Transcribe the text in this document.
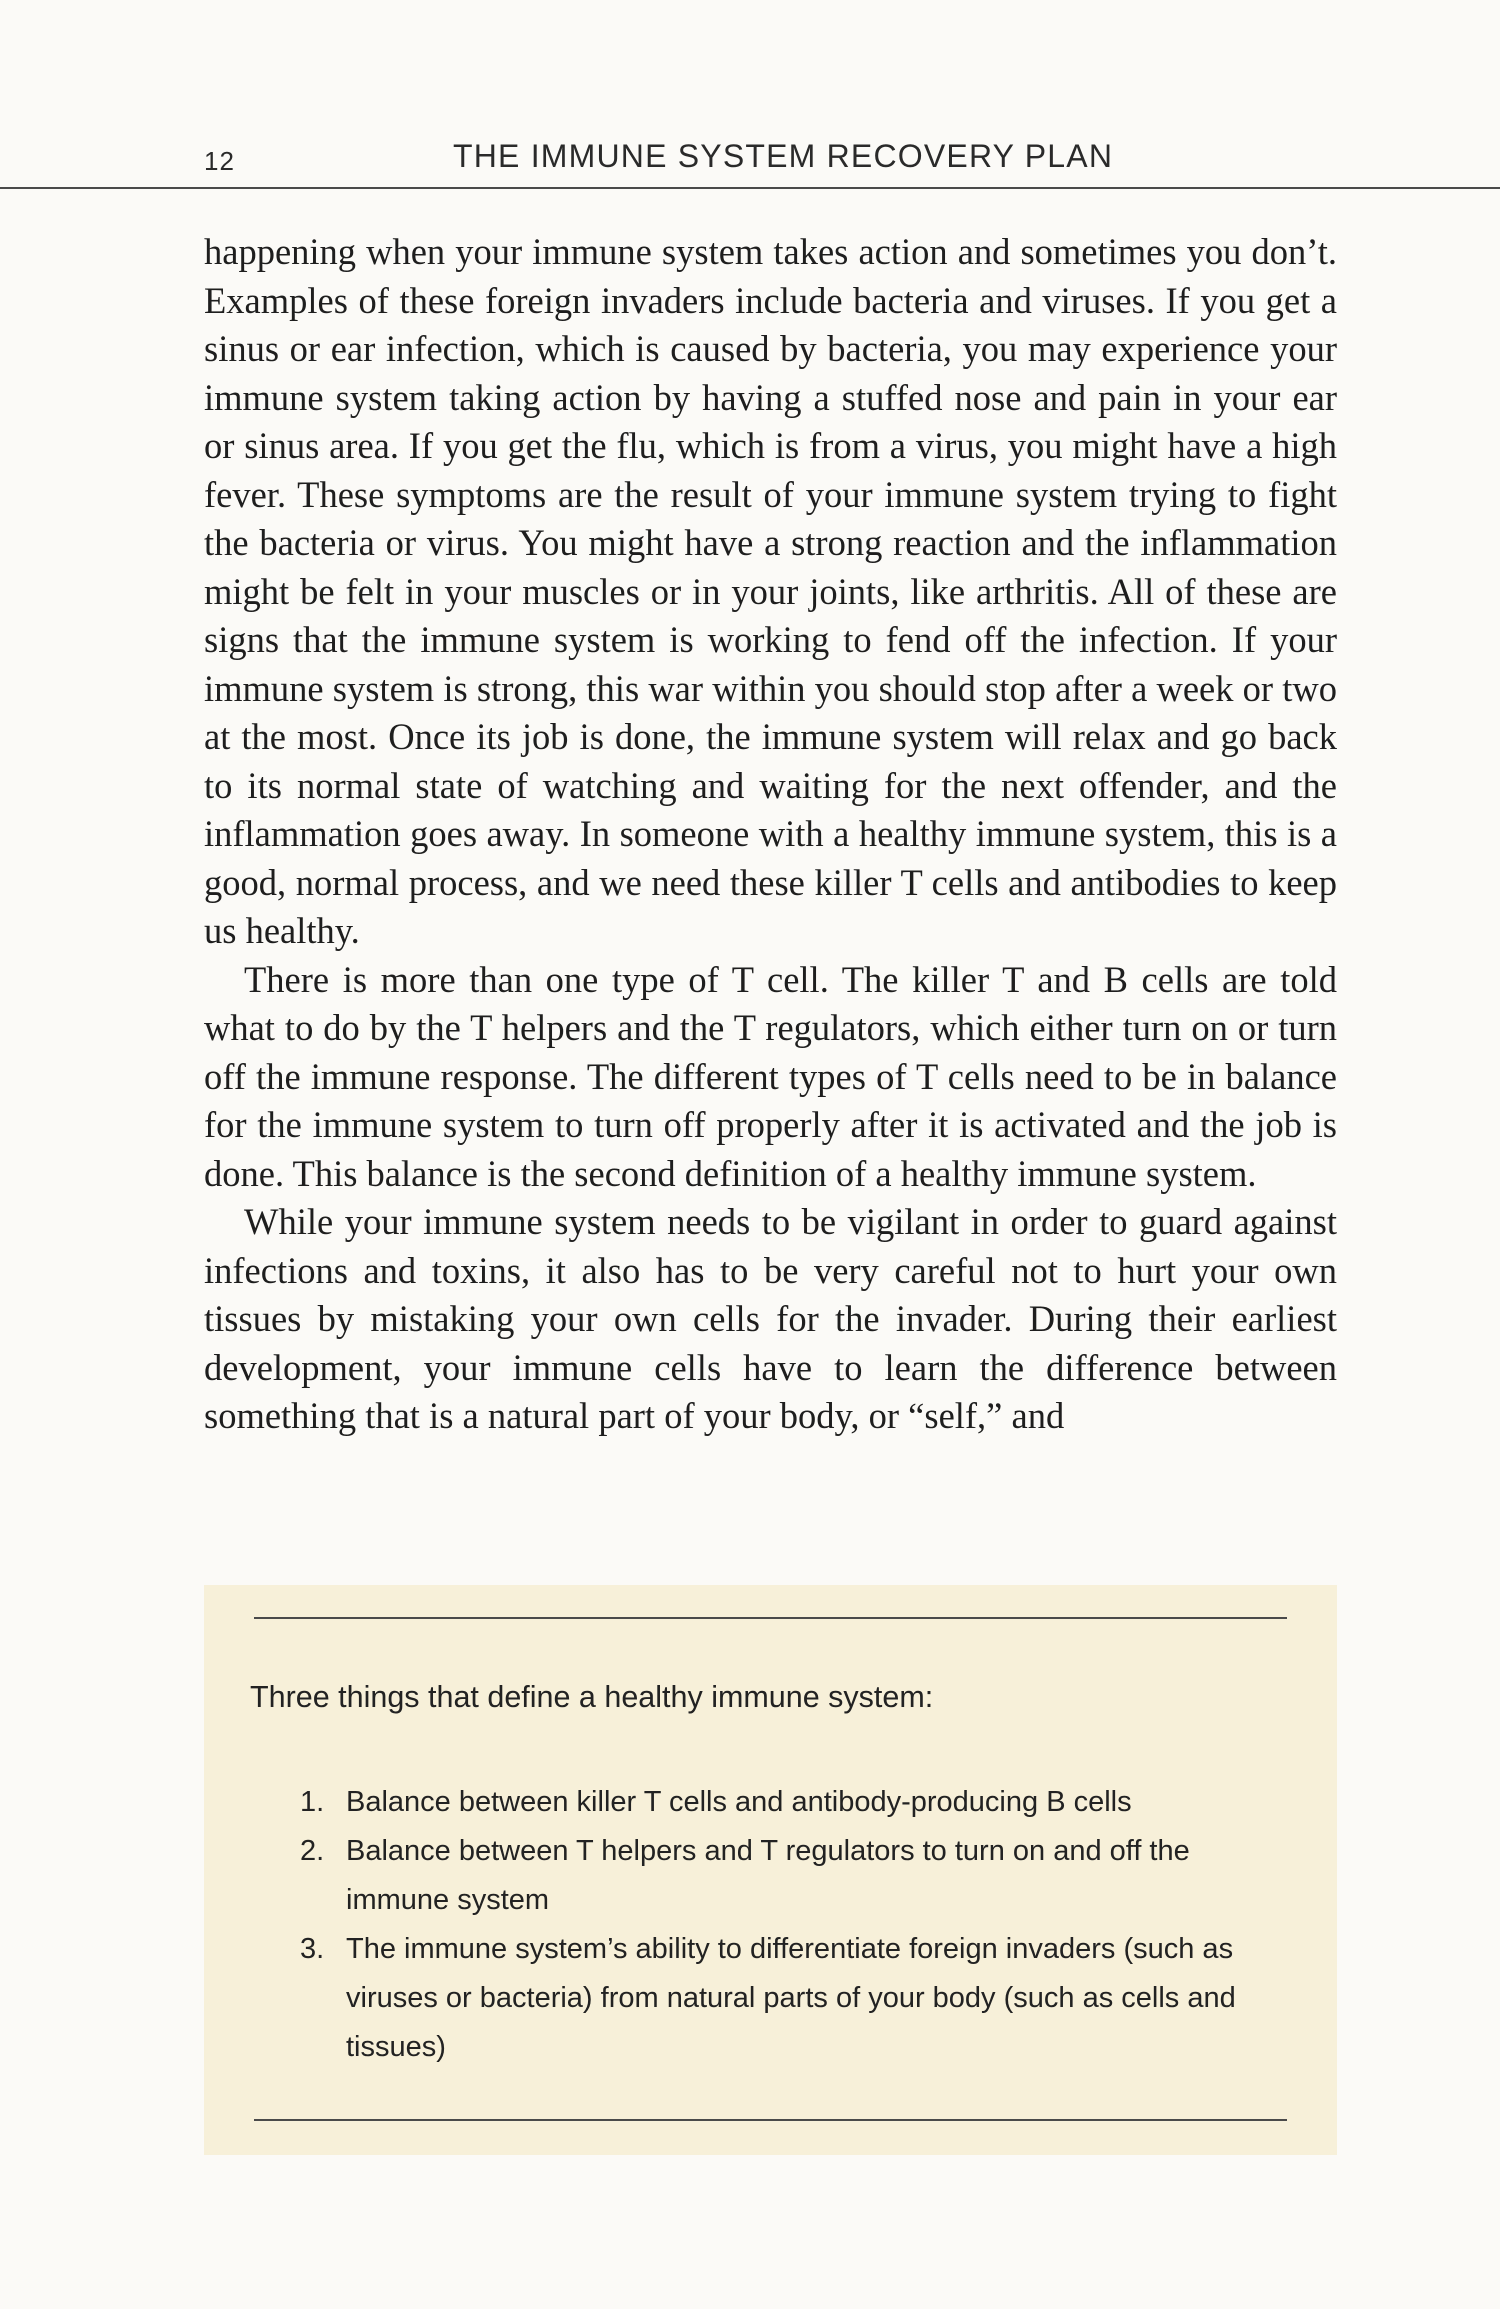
12	THE IMMUNE SYSTEM RECOVERY PLAN

happening when your immune system takes action and sometimes you don’t. Examples of these foreign invaders include bacteria and viruses. If you get a sinus or ear infection, which is caused by bacteria, you may experience your immune system taking action by having a stuffed nose and pain in your ear or sinus area. If you get the flu, which is from a virus, you might have a high fever. These symptoms are the result of your immune system trying to fight the bacteria or virus. You might have a strong reaction and the inflammation might be felt in your muscles or in your joints, like arthritis. All of these are signs that the immune system is working to fend off the infection. If your immune system is strong, this war within you should stop after a week or two at the most. Once its job is done, the immune system will relax and go back to its normal state of watching and waiting for the next offender, and the inflammation goes away. In someone with a healthy immune system, this is a good, normal process, and we need these killer T cells and antibodies to keep us healthy.

There is more than one type of T cell. The killer T and B cells are told what to do by the T helpers and the T regulators, which either turn on or turn off the immune response. The different types of T cells need to be in balance for the immune system to turn off properly after it is activated and the job is done. This balance is the second definition of a healthy immune system.

While your immune system needs to be vigilant in order to guard against infections and toxins, it also has to be very careful not to hurt your own tissues by mistaking your own cells for the invader. During their earliest development, your immune cells have to learn the difference between something that is a natural part of your body, or “self,” and

Three things that define a healthy immune system:
1. Balance between killer T cells and antibody-producing B cells
2. Balance between T helpers and T regulators to turn on and off the immune system
3. The immune system’s ability to differentiate foreign invaders (such as viruses or bacteria) from natural parts of your body (such as cells and tissues)
